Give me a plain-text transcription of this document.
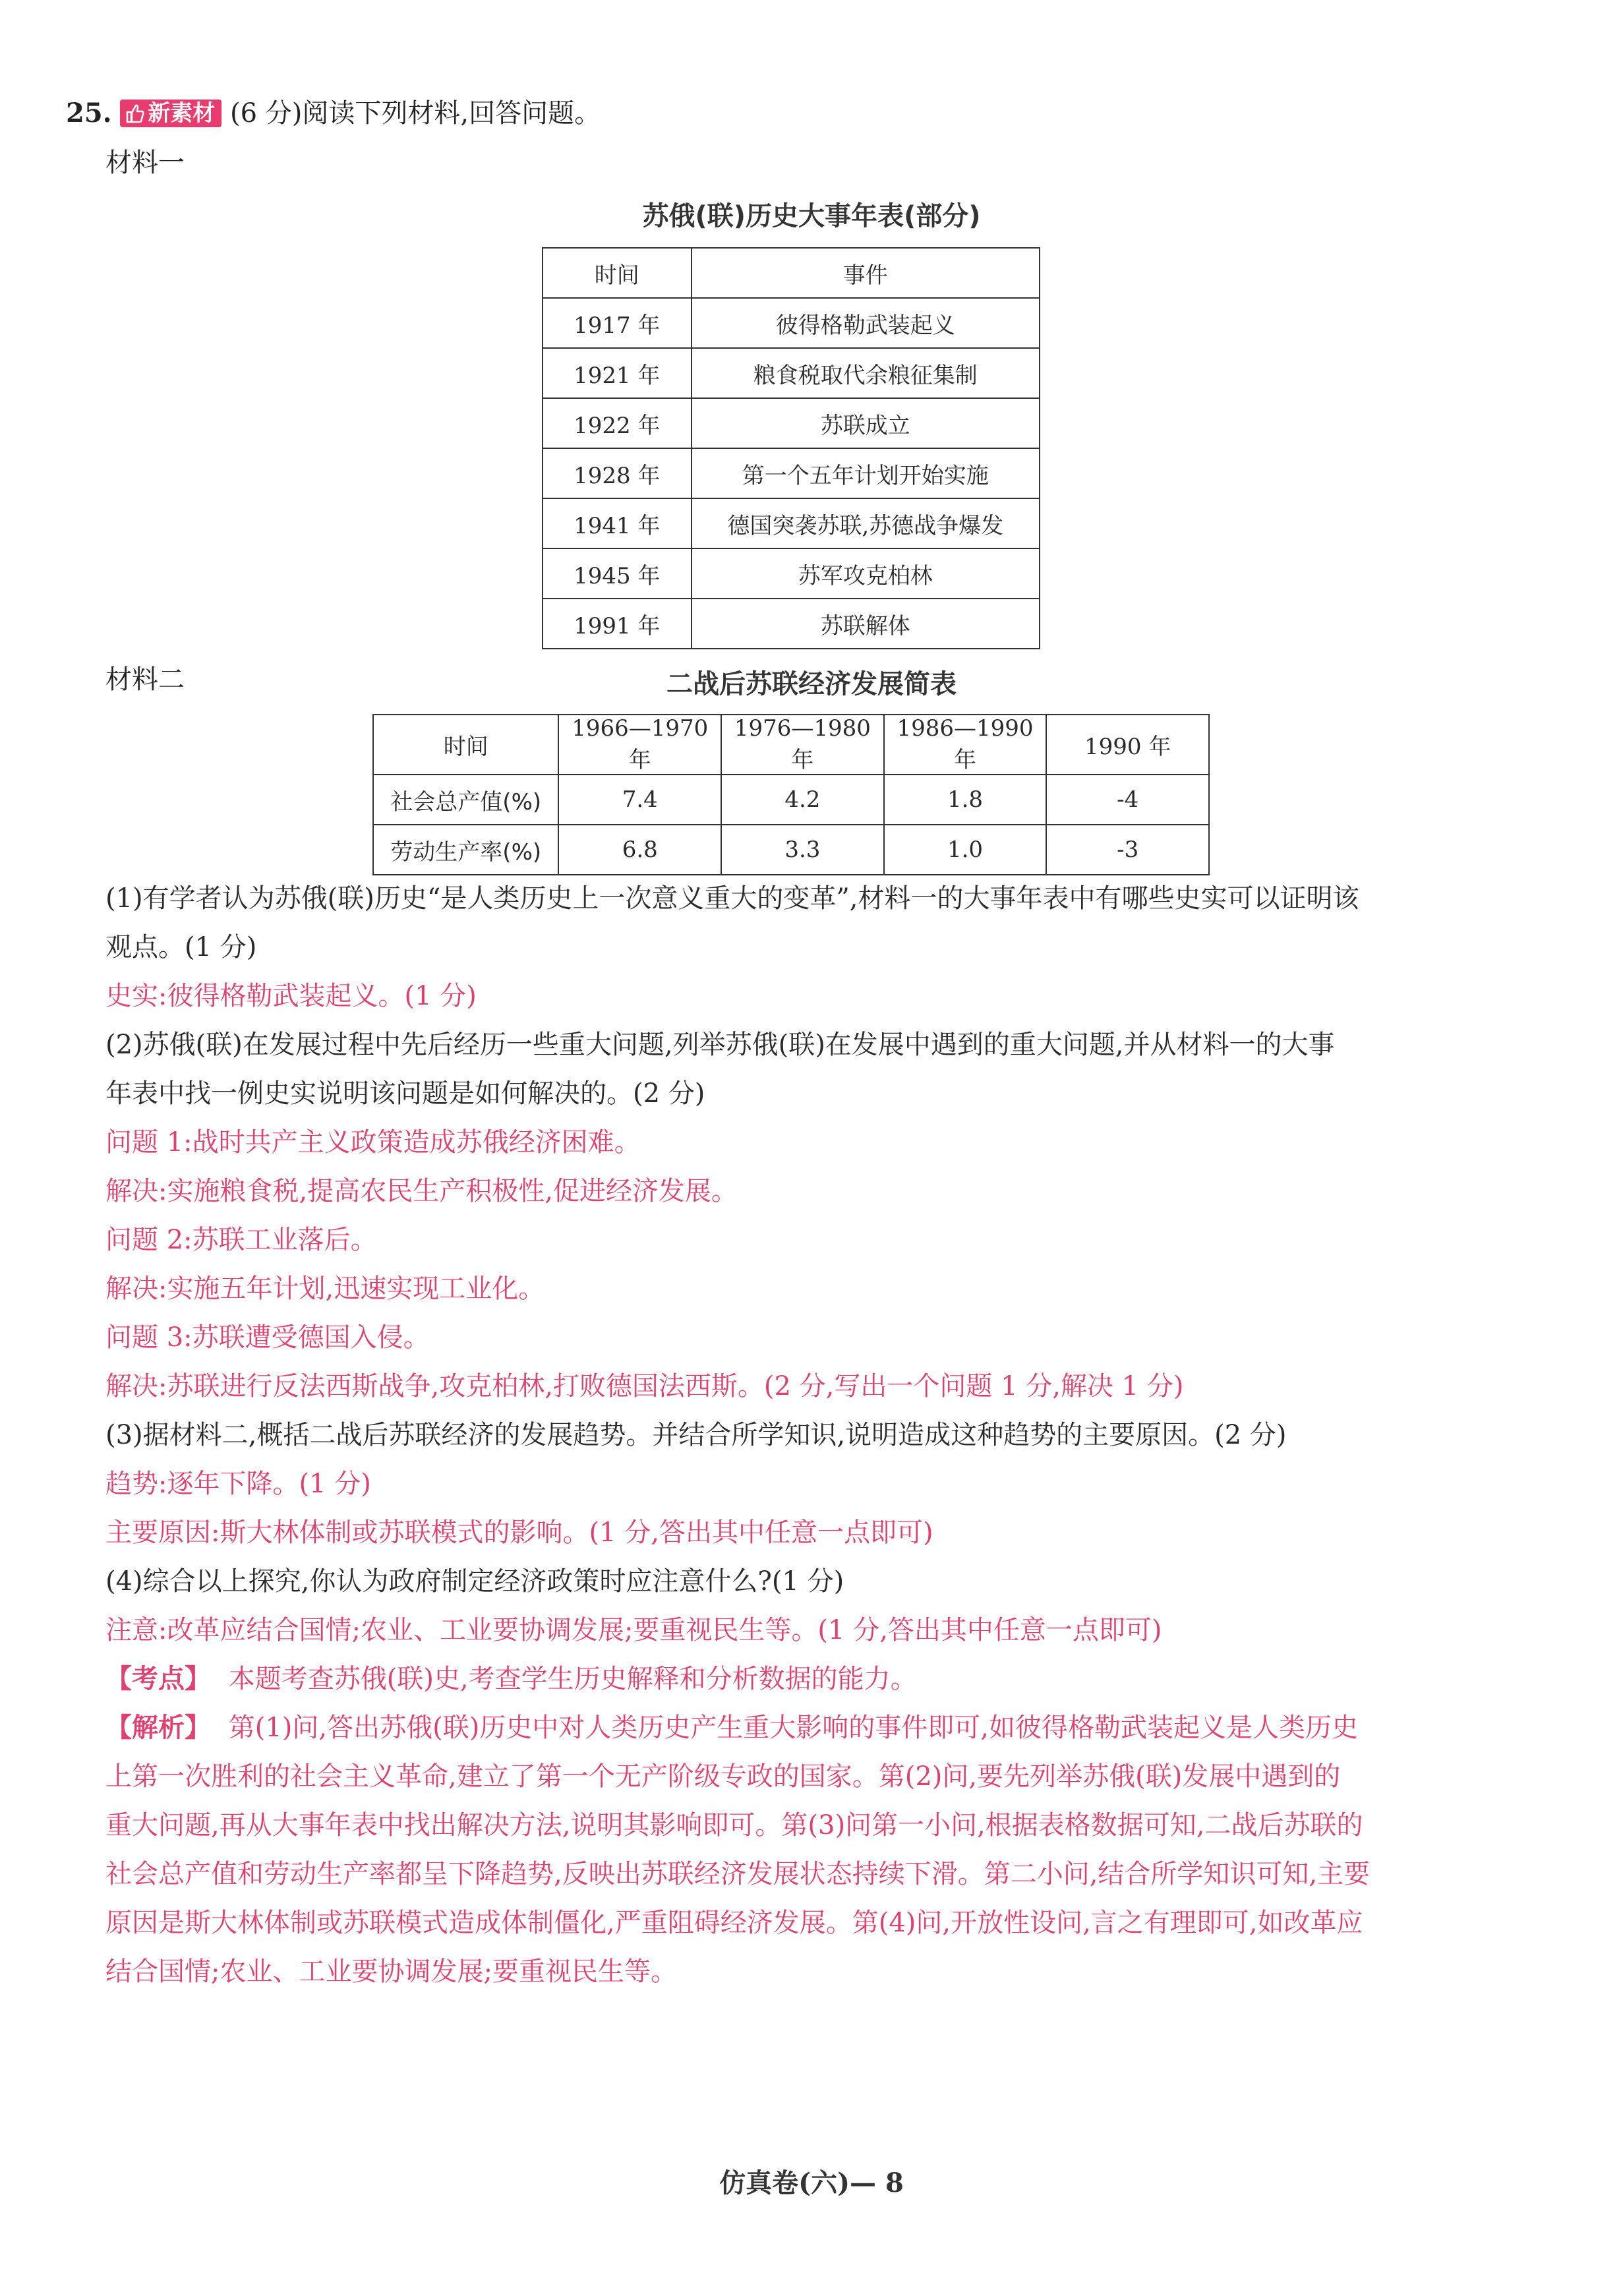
25. 新素材 (6 分)阅读下列材料,回答问题。
材料一
苏俄(联)历史大事年表(部分)
时间	事件
1917 年	彼得格勒武装起义
1921 年	粮食税取代余粮征集制
1922 年	苏联成立
1928 年	第一个五年计划开始实施
1941 年	德国突袭苏联,苏德战争爆发
1945 年	苏军攻克柏林
1991 年	苏联解体
材料二	二战后苏联经济发展简表
时间	1966—1970 年	1976—1980 年	1986—1990 年	1990 年
社会总产值(%)	7.4	4.2	1.8	-4
劳动生产率(%)	6.8	3.3	1.0	-3
(1)有学者认为苏俄(联)历史“是人类历史上一次意义重大的变革”,材料一的大事年表中有哪些史实可以证明该
观点。(1 分)
史实:彼得格勒武装起义。(1 分)
(2)苏俄(联)在发展过程中先后经历一些重大问题,列举苏俄(联)在发展中遇到的重大问题,并从材料一的大事
年表中找一例史实说明该问题是如何解决的。(2 分)
问题 1:战时共产主义政策造成苏俄经济困难。
解决:实施粮食税,提高农民生产积极性,促进经济发展。
问题 2:苏联工业落后。
解决:实施五年计划,迅速实现工业化。
问题 3:苏联遭受德国入侵。
解决:苏联进行反法西斯战争,攻克柏林,打败德国法西斯。(2 分,写出一个问题 1 分,解决 1 分)
(3)据材料二,概括二战后苏联经济的发展趋势。并结合所学知识,说明造成这种趋势的主要原因。(2 分)
趋势:逐年下降。(1 分)
主要原因:斯大林体制或苏联模式的影响。(1 分,答出其中任意一点即可)
(4)综合以上探究,你认为政府制定经济政策时应注意什么?(1 分)
注意:改革应结合国情;农业、工业要协调发展;要重视民生等。(1 分,答出其中任意一点即可)
【考点】 本题考查苏俄(联)史,考查学生历史解释和分析数据的能力。
【解析】 第(1)问,答出苏俄(联)历史中对人类历史产生重大影响的事件即可,如彼得格勒武装起义是人类历史
上第一次胜利的社会主义革命,建立了第一个无产阶级专政的国家。第(2)问,要先列举苏俄(联)发展中遇到的
重大问题,再从大事年表中找出解决方法,说明其影响即可。第(3)问第一小问,根据表格数据可知,二战后苏联的
社会总产值和劳动生产率都呈下降趋势,反映出苏联经济发展状态持续下滑。第二小问,结合所学知识可知,主要
原因是斯大林体制或苏联模式造成体制僵化,严重阻碍经济发展。第(4)问,开放性设问,言之有理即可,如改革应
结合国情;农业、工业要协调发展;要重视民生等。
仿真卷(六)— 8
